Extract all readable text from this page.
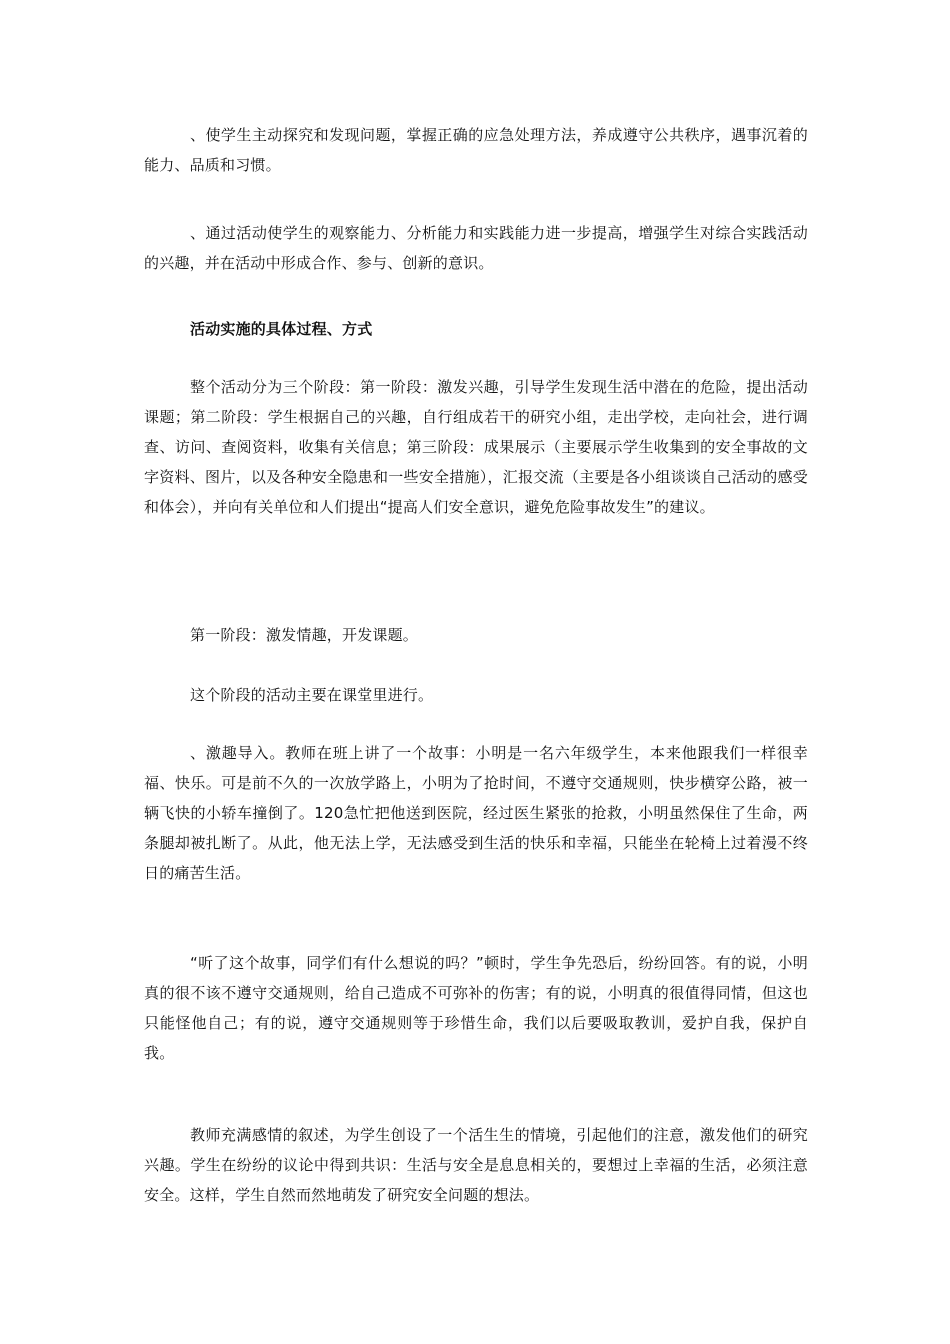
、使学生主动探究和发现问题，掌握正确的应急处理方法，养成遵守公共秩序，遇事沉着的能力、品质和习惯。

、通过活动使学生的观察能力、分析能力和实践能力进一步提高，增强学生对综合实践活动的兴趣，并在活动中形成合作、参与、创新的意识。

活动实施的具体过程、方式

整个活动分为三个阶段：第一阶段：激发兴趣，引导学生发现生活中潜在的危险，提出活动课题；第二阶段：学生根据自己的兴趣，自行组成若干的研究小组，走出学校，走向社会，进行调查、访问、查阅资料，收集有关信息；第三阶段：成果展示（主要展示学生收集到的安全事故的文字资料、图片，以及各种安全隐患和一些安全措施），汇报交流（主要是各小组谈谈自己活动的感受和体会），并向有关单位和人们提出“提高人们安全意识，避免危险事故发生”的建议。

第一阶段：激发情趣，开发课题。

这个阶段的活动主要在课堂里进行。

、激趣导入。教师在班上讲了一个故事：小明是一名六年级学生，本来他跟我们一样很幸福、快乐。可是前不久的一次放学路上，小明为了抢时间，不遵守交通规则，快步横穿公路，被一辆飞快的小轿车撞倒了。120急忙把他送到医院，经过医生紧张的抢救，小明虽然保住了生命，两条腿却被扎断了。从此，他无法上学，无法感受到生活的快乐和幸福，只能坐在轮椅上过着漫不终日的痛苦生活。

“听了这个故事，同学们有什么想说的吗？”顿时，学生争先恐后，纷纷回答。有的说，小明真的很不该不遵守交通规则，给自己造成不可弥补的伤害；有的说，小明真的很值得同情，但这也只能怪他自己；有的说，遵守交通规则等于珍惜生命，我们以后要吸取教训，爱护自我，保护自我。

教师充满感情的叙述，为学生创设了一个活生生的情境，引起他们的注意，激发他们的研究兴趣。学生在纷纷的议论中得到共识：生活与安全是息息相关的，要想过上幸福的生活，必须注意安全。这样，学生自然而然地萌发了研究安全问题的想法。
